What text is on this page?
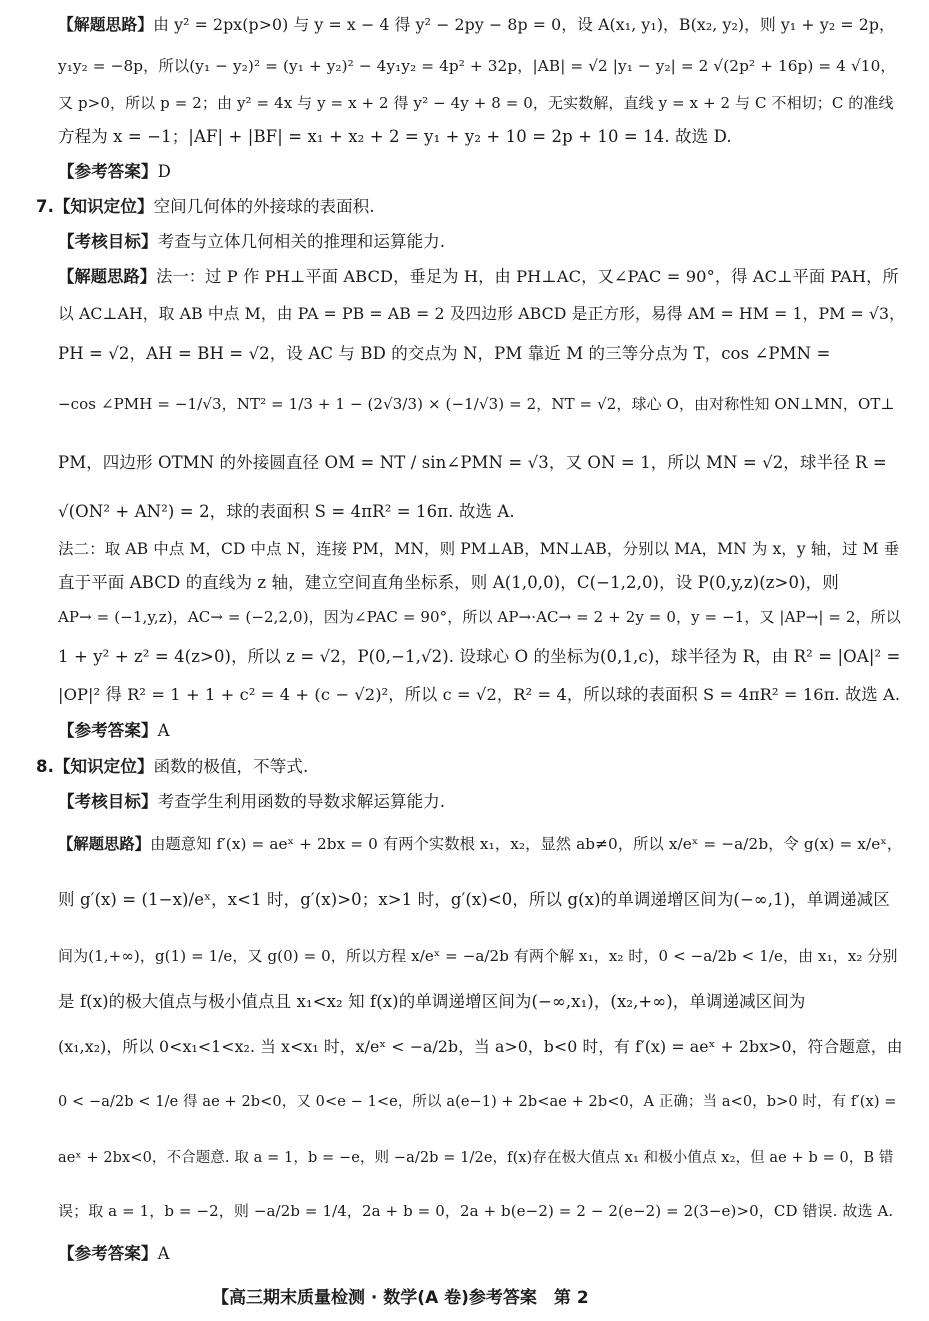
【解题思路】由 y² = 2px(p>0) 与 y = x − 4 得 y² − 2py − 8p = 0，设 A(x₁, y₁)，B(x₂, y₂)，则 y₁ + y₂ = 2p，
y₁y₂ = −8p，所以(y₁ − y₂)² = (y₁ + y₂)² − 4y₁y₂ = 4p² + 32p，|AB| = √2 |y₁ − y₂| = 2 √(2p² + 16p) = 4 √10，
又 p>0，所以 p = 2；由 y² = 4x 与 y = x + 2 得 y² − 4y + 8 = 0，无实数解，直线 y = x + 2 与 C 不相切；C 的准线
方程为 x = −1；|AF| + |BF| = x₁ + x₂ + 2 = y₁ + y₂ + 10 = 2p + 10 = 14. 故选 D.
【参考答案】D
7.【知识定位】空间几何体的外接球的表面积.
【考核目标】考查与立体几何相关的推理和运算能力.
【解题思路】法一：过 P 作 PH⊥平面 ABCD，垂足为 H，由 PH⊥AC，又∠PAC = 90°，得 AC⊥平面 PAH，所
以 AC⊥AH，取 AB 中点 M，由 PA = PB = AB = 2 及四边形 ABCD 是正方形，易得 AM = HM = 1，PM = √3，
PH = √2，AH = BH = √2，设 AC 与 BD 的交点为 N，PM 靠近 M 的三等分点为 T，cos ∠PMN =
−cos ∠PMH = −1/√3，NT² = 1/3 + 1 − (2√3/3) × (−1/√3) = 2，NT = √2，球心 O，由对称性知 ON⊥MN，OT⊥
PM，四边形 OTMN 的外接圆直径 OM = NT / sin∠PMN = √3，又 ON = 1，所以 MN = √2，球半径 R =
√(ON² + AN²) = 2，球的表面积 S = 4πR² = 16π. 故选 A.
法二：取 AB 中点 M，CD 中点 N，连接 PM，MN，则 PM⊥AB，MN⊥AB，分别以 MA，MN 为 x，y 轴，过 M 垂
直于平面 ABCD 的直线为 z 轴，建立空间直角坐标系，则 A(1,0,0)，C(−1,2,0)，设 P(0,y,z)(z>0)，则
AP→ = (−1,y,z)，AC→ = (−2,2,0)，因为∠PAC = 90°，所以 AP→·AC→ = 2 + 2y = 0，y = −1，又 |AP→| = 2，所以
1 + y² + z² = 4(z>0)，所以 z = √2，P(0,−1,√2). 设球心 O 的坐标为(0,1,c)，球半径为 R，由 R² = |OA|² =
|OP|² 得 R² = 1 + 1 + c² = 4 + (c − √2)²，所以 c = √2，R² = 4，所以球的表面积 S = 4πR² = 16π. 故选 A.
【参考答案】A
8.【知识定位】函数的极值，不等式.
【考核目标】考查学生利用函数的导数求解运算能力.
【解题思路】由题意知 f′(x) = aeˣ + 2bx = 0 有两个实数根 x₁，x₂，显然 ab≠0，所以 x/eˣ = −a/2b，令 g(x) = x/eˣ，
则 g′(x) = (1−x)/eˣ，x<1 时，g′(x)>0；x>1 时，g′(x)<0，所以 g(x)的单调递增区间为(−∞,1)，单调递减区
间为(1,+∞)，g(1) = 1/e，又 g(0) = 0，所以方程 x/eˣ = −a/2b 有两个解 x₁，x₂ 时，0 < −a/2b < 1/e，由 x₁，x₂ 分别
是 f(x)的极大值点与极小值点且 x₁<x₂ 知 f(x)的单调递增区间为(−∞,x₁)，(x₂,+∞)，单调递减区间为
(x₁,x₂)，所以 0<x₁<1<x₂. 当 x<x₁ 时，x/eˣ < −a/2b，当 a>0，b<0 时，有 f′(x) = aeˣ + 2bx>0，符合题意，由
0 < −a/2b < 1/e 得 ae + 2b<0，又 0<e − 1<e，所以 a(e−1) + 2b<ae + 2b<0，A 正确；当 a<0，b>0 时，有 f′(x) =
aeˣ + 2bx<0，不合题意. 取 a = 1，b = −e，则 −a/2b = 1/2e，f(x)存在极大值点 x₁ 和极小值点 x₂，但 ae + b = 0，B 错
误；取 a = 1，b = −2，则 −a/2b = 1/4，2a + b = 0，2a + b(e−2) = 2 − 2(e−2) = 2(3−e)>0，CD 错误. 故选 A.
【参考答案】A
【高三期末质量检测 · 数学(A 卷)参考答案　第 2
